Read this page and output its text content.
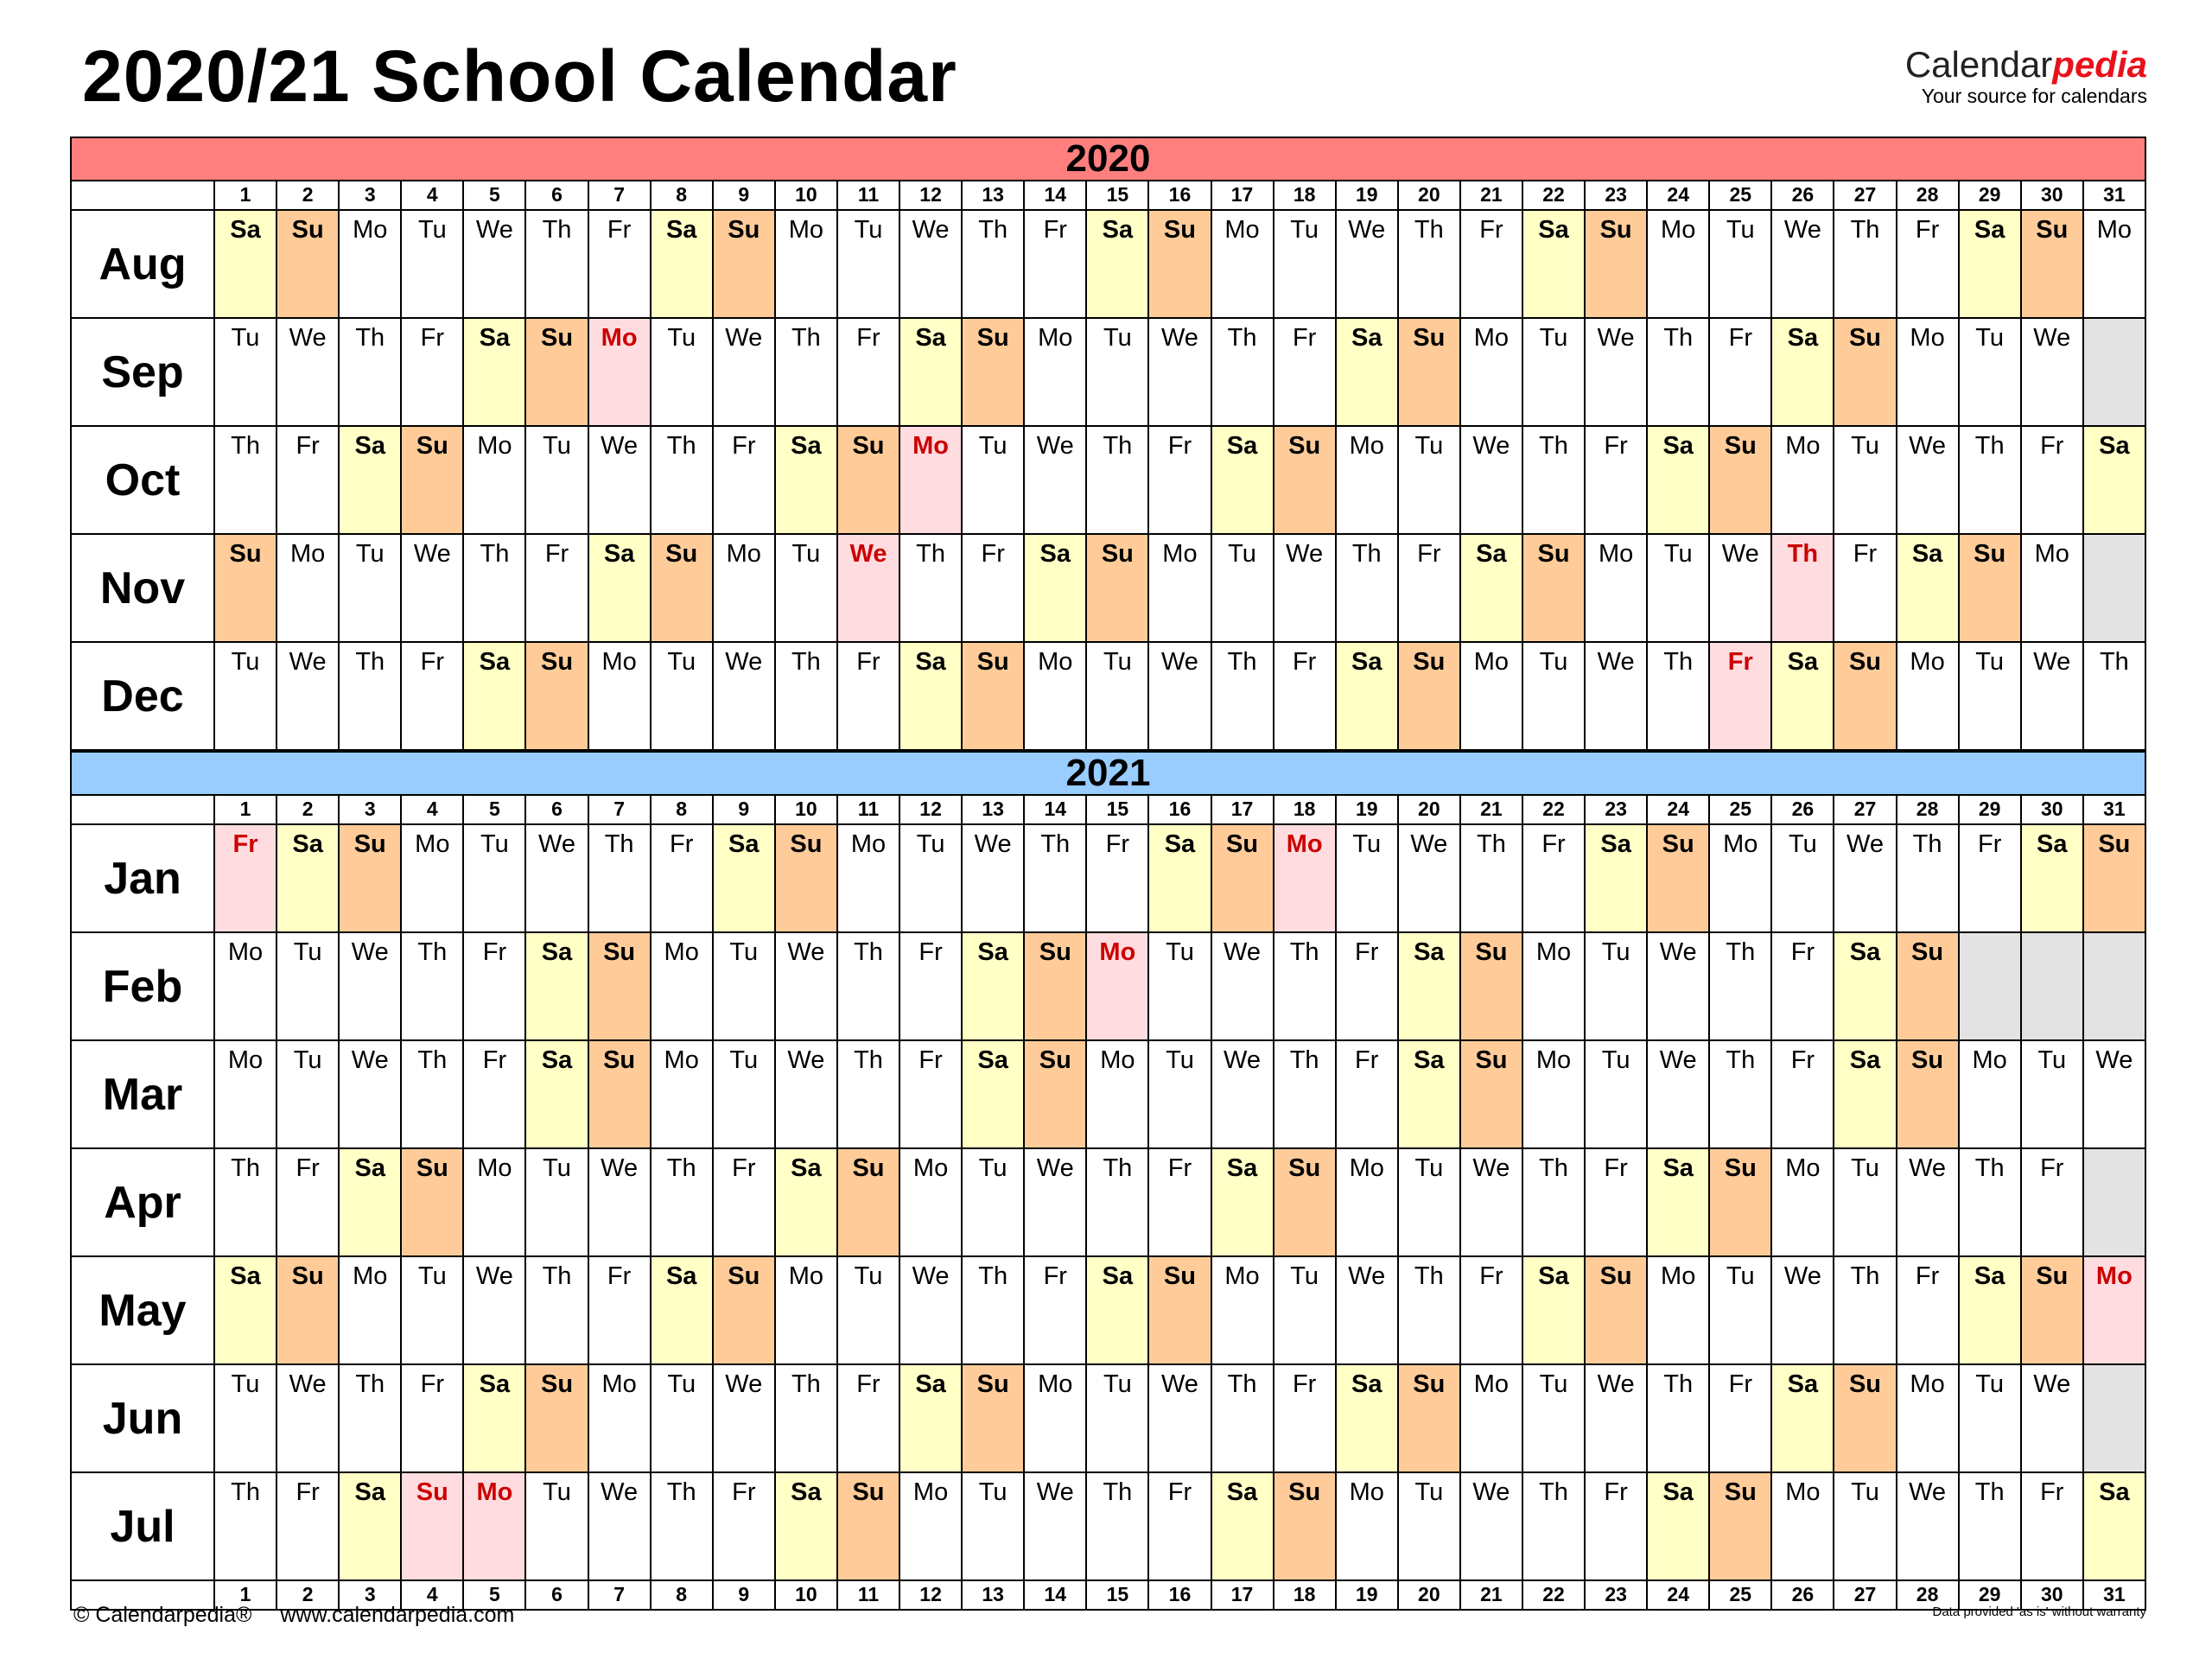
2020/21 School Calendar	Calendarpedia
Your source for calendars
2020
1	2	3	4	5	6	7	8	9	10	11	12	13	14	15	16	17	18	19	20	21	22	23	24	25	26	27	28	29	30	31
Aug
Sa	Su	Mo	Tu	We	Th	Fr	Sa	Su	Mo	Tu	We	Th	Fr	Sa	Su	Mo	Tu	We	Th	Fr	Sa	Su	Mo	Tu	We	Th	Fr	Sa	Su	Mo
Sep
Tu	We	Th	Fr	Sa	Su	Mo	Tu	We	Th	Fr	Sa	Su	Mo	Tu	We	Th	Fr	Sa	Su	Mo	Tu	We	Th	Fr	Sa	Su	Mo	Tu	We
Oct
Th	Fr	Sa	Su	Mo	Tu	We	Th	Fr	Sa	Su	Mo	Tu	We	Th	Fr	Sa	Su	Mo	Tu	We	Th	Fr	Sa	Su	Mo	Tu	We	Th	Fr	Sa
Nov
Su	Mo	Tu	We	Th	Fr	Sa	Su	Mo	Tu	We	Th	Fr	Sa	Su	Mo	Tu	We	Th	Fr	Sa	Su	Mo	Tu	We	Th	Fr	Sa	Su	Mo
Dec
Tu	We	Th	Fr	Sa	Su	Mo	Tu	We	Th	Fr	Sa	Su	Mo	Tu	We	Th	Fr	Sa	Su	Mo	Tu	We	Th	Fr	Sa	Su	Mo	Tu	We	Th
2021
1	2	3	4	5	6	7	8	9	10	11	12	13	14	15	16	17	18	19	20	21	22	23	24	25	26	27	28	29	30	31
Jan
Fr	Sa	Su	Mo	Tu	We	Th	Fr	Sa	Su	Mo	Tu	We	Th	Fr	Sa	Su	Mo	Tu	We	Th	Fr	Sa	Su	Mo	Tu	We	Th	Fr	Sa	Su
Feb
Mo	Tu	We	Th	Fr	Sa	Su	Mo	Tu	We	Th	Fr	Sa	Su	Mo	Tu	We	Th	Fr	Sa	Su	Mo	Tu	We	Th	Fr	Sa	Su
Mar
Mo	Tu	We	Th	Fr	Sa	Su	Mo	Tu	We	Th	Fr	Sa	Su	Mo	Tu	We	Th	Fr	Sa	Su	Mo	Tu	We	Th	Fr	Sa	Su	Mo	Tu	We
Apr
Th	Fr	Sa	Su	Mo	Tu	We	Th	Fr	Sa	Su	Mo	Tu	We	Th	Fr	Sa	Su	Mo	Tu	We	Th	Fr	Sa	Su	Mo	Tu	We	Th	Fr
May
Sa	Su	Mo	Tu	We	Th	Fr	Sa	Su	Mo	Tu	We	Th	Fr	Sa	Su	Mo	Tu	We	Th	Fr	Sa	Su	Mo	Tu	We	Th	Fr	Sa	Su	Mo
Jun
Tu	We	Th	Fr	Sa	Su	Mo	Tu	We	Th	Fr	Sa	Su	Mo	Tu	We	Th	Fr	Sa	Su	Mo	Tu	We	Th	Fr	Sa	Su	Mo	Tu	We
Jul
Th	Fr	Sa	Su	Mo	Tu	We	Th	Fr	Sa	Su	Mo	Tu	We	Th	Fr	Sa	Su	Mo	Tu	We	Th	Fr	Sa	Su	Mo	Tu	We	Th	Fr	Sa
1	2	3	4	5	6	7	8	9	10	11	12	13	14	15	16	17	18	19	20	21	22	23	24	25	26	27	28	29	30	31
© Calendarpedia® www.calendarpedia.com	Data provided 'as is' without warranty
